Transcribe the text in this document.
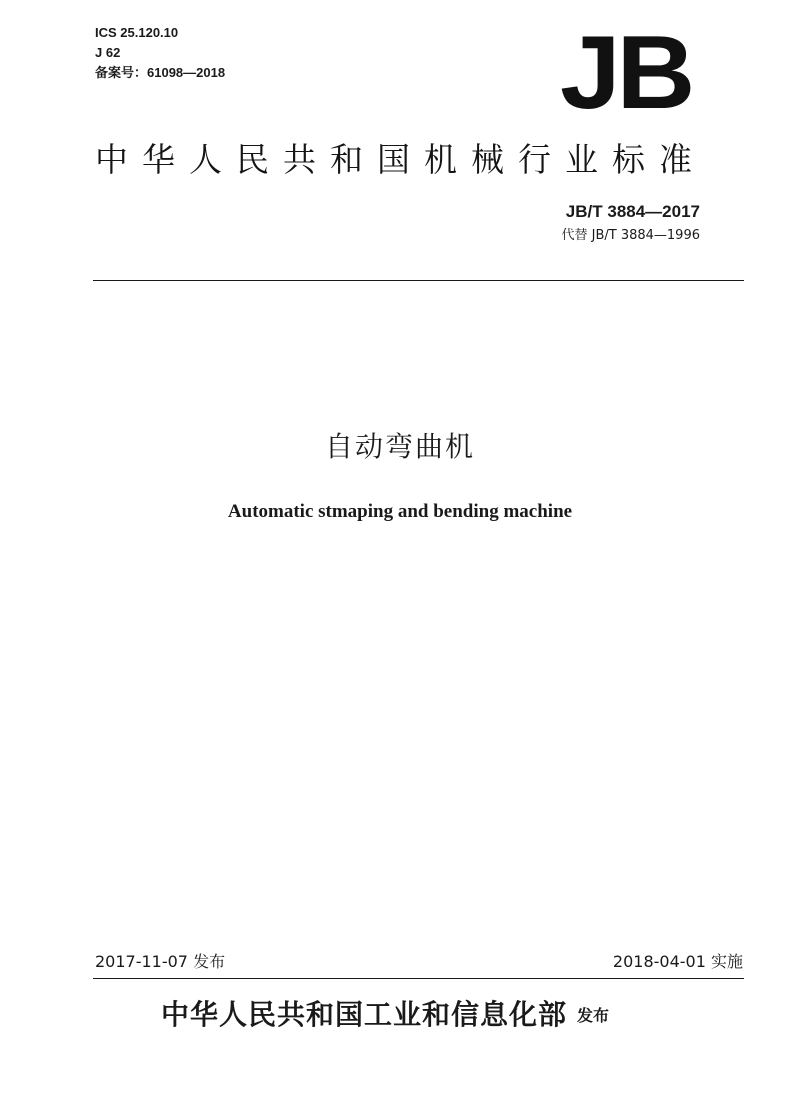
ICS 25.120.10
J 62
备案号：61098—2018	JB
中华人民共和国机械行业标准
JB/T 3884—2017
代替 JB/T 3884—1996
自动弯曲机
Automatic stmaping and bending machine
2017-11-07 发布	2018-04-01 实施
中华人民共和国工业和信息化部 发布
